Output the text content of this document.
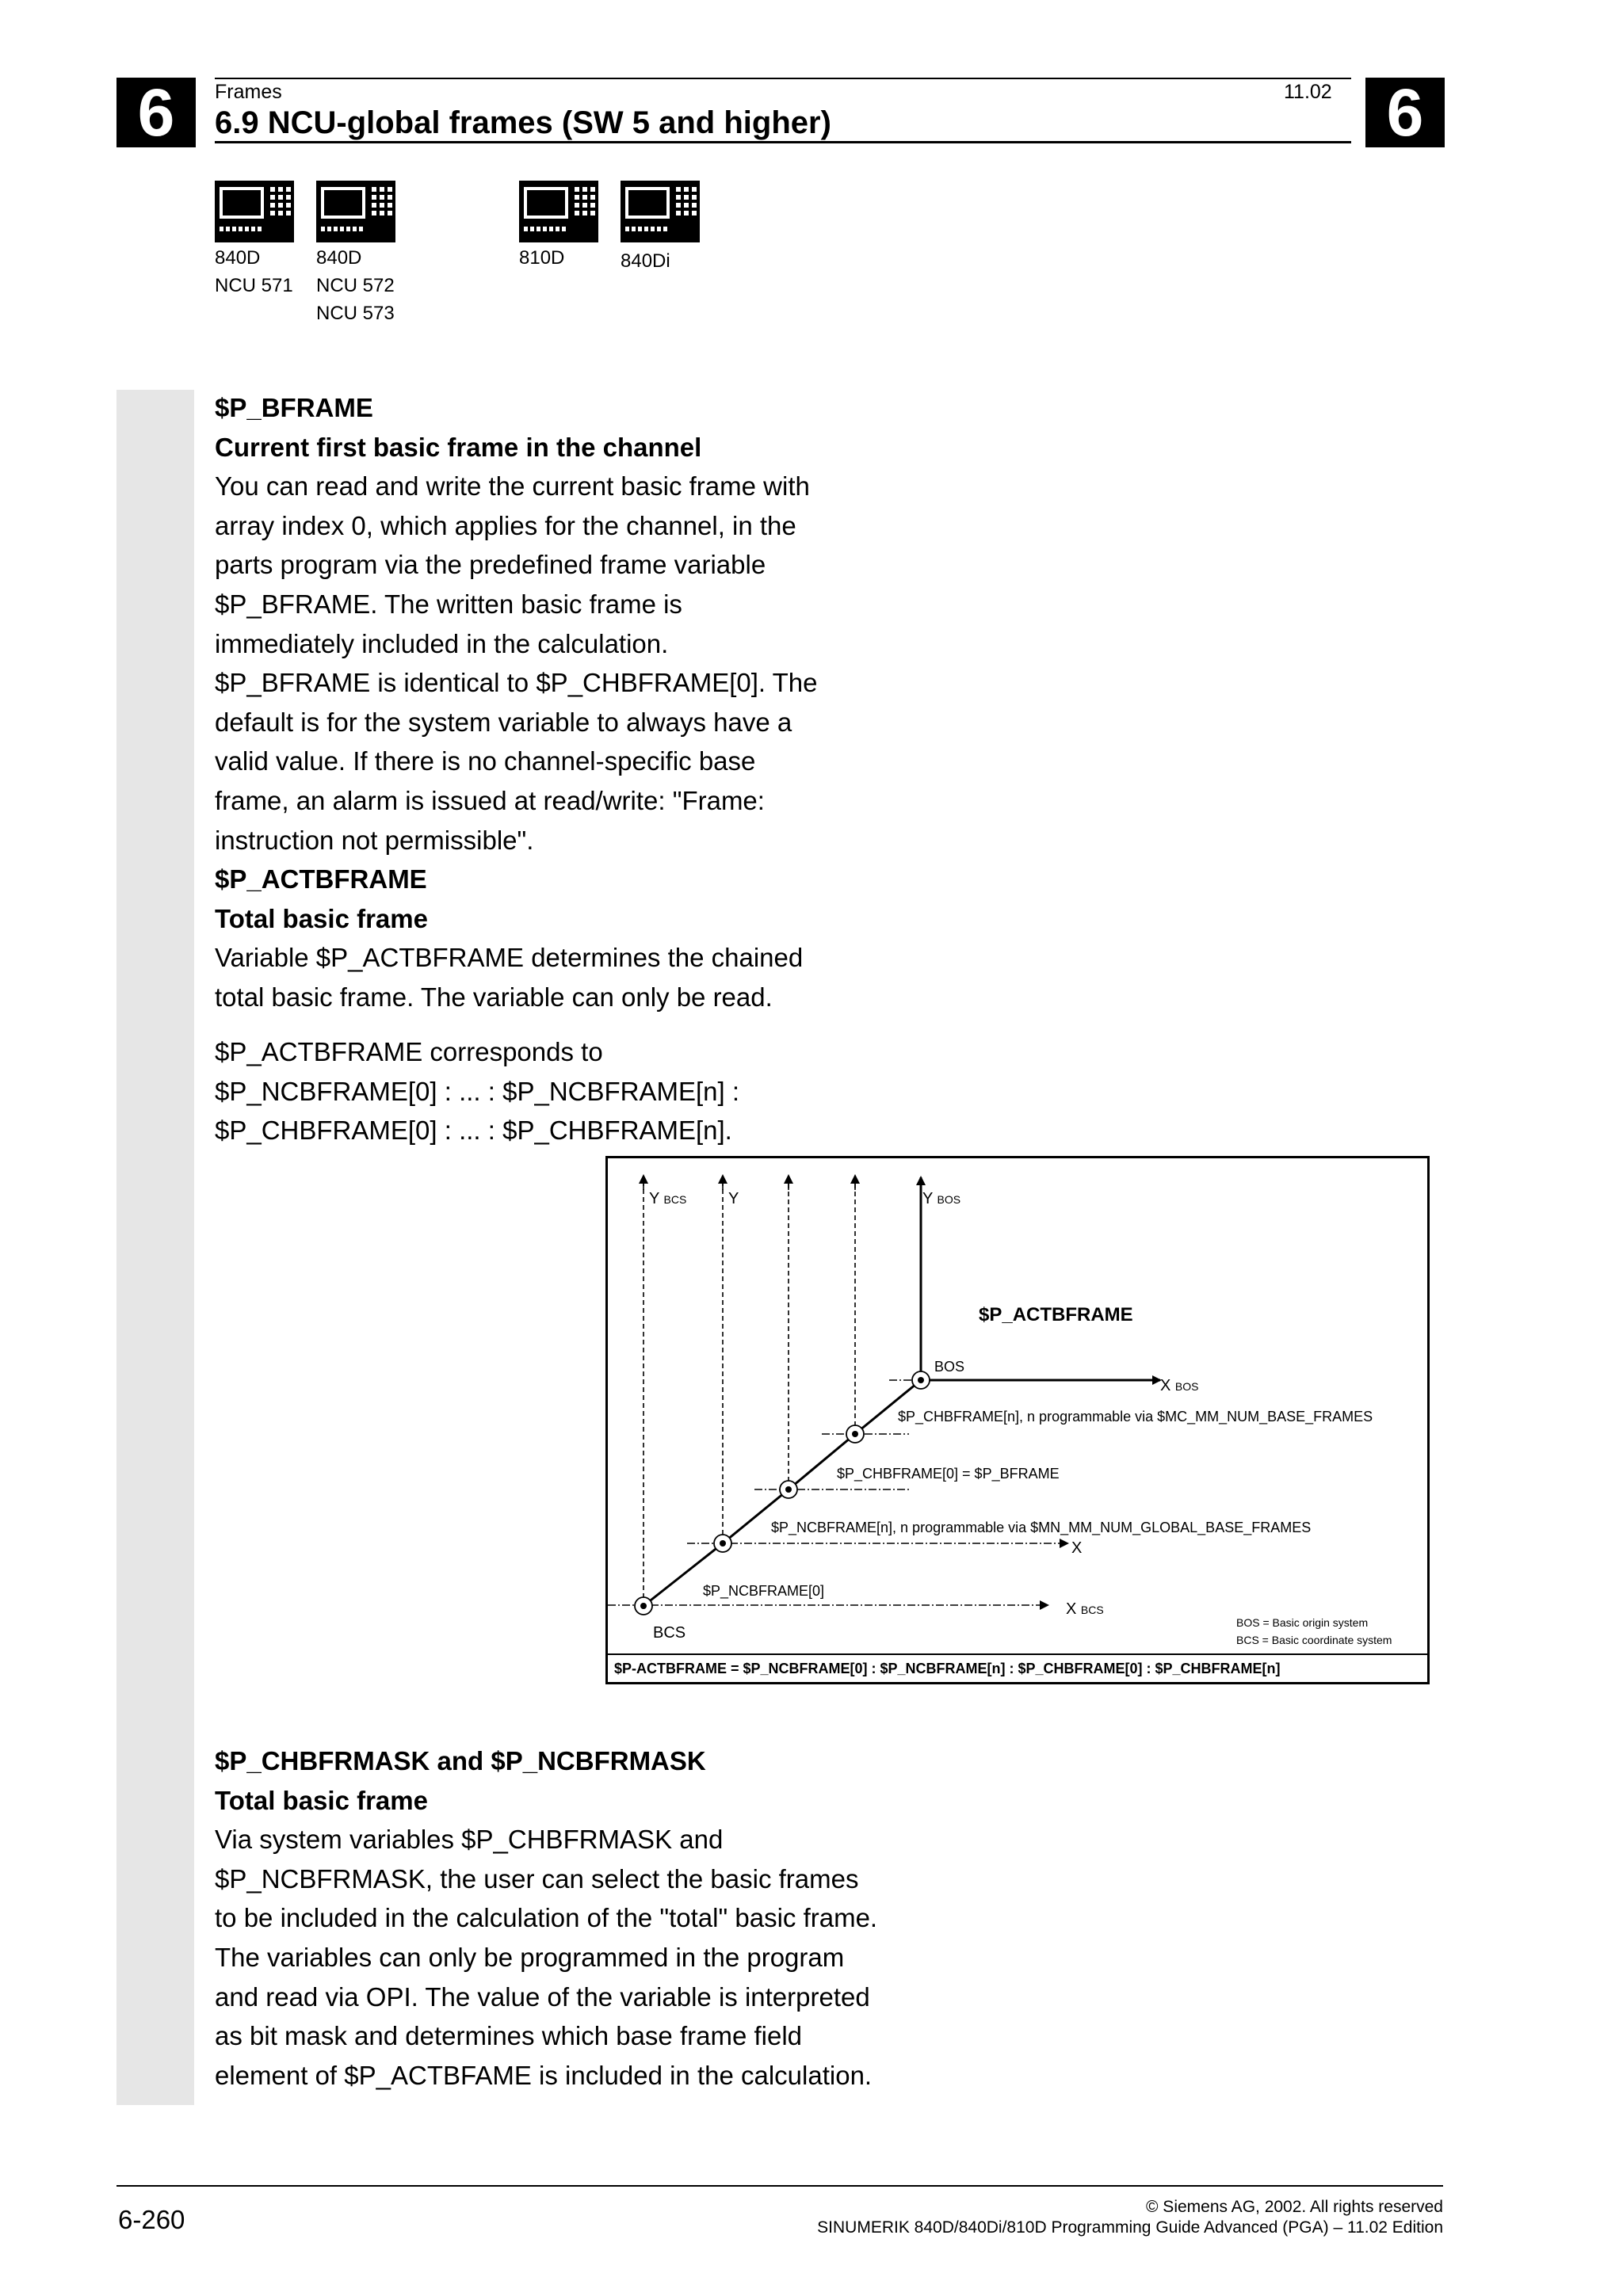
6	6
Frames	11.02
6.9 NCU-global frames (SW 5 and higher)
840D
NCU 571
840D
NCU 572
NCU 573
810D	840Di
$P_BFRAME
Current first basic frame in the channel
You can read and write the current basic frame with
array index 0, which applies for the channel, in the
parts program via the predefined frame variable
$P_BFRAME. The written basic frame is
immediately included in the calculation.
$P_BFRAME is identical to $P_CHBFRAME[0]. The
default is for the system variable to always have a
valid value. If there is no channel-specific base
frame, an alarm is issued at read/write: "Frame:
instruction not permissible".
$P_ACTBFRAME
Total basic frame
Variable $P_ACTBFRAME determines the chained
total basic frame. The variable can only be read.
$P_ACTBFRAME corresponds to
$P_NCBFRAME[0] : ... : $P_NCBFRAME[n] :
$P_CHBFRAME[0] : ... : $P_CHBFRAME[n].
Y BCS	Y	Y BOS
$P_ACTBFRAME
BOS
X BOS
$P_CHBFRAME[n], n programmable via $MC_MM_NUM_BASE_FRAMES
$P_CHBFRAME[0] = $P_BFRAME
$P_NCBFRAME[n], n programmable via $MN_MM_NUM_GLOBAL_BASE_FRAMES
X
$P_NCBFRAME[0]
X BCS
BCS
BOS = Basic origin system
BCS = Basic coordinate system
$P-ACTBFRAME = $P_NCBFRAME[0] : $P_NCBFRAME[n] : $P_CHBFRAME[0] : $P_CHBFRAME[n]
$P_CHBFRMASK and $P_NCBFRMASK
Total basic frame
Via system variables $P_CHBFRMASK and
$P_NCBFRMASK, the user can select the basic frames
to be included in the calculation of the "total" basic frame.
The variables can only be programmed in the program
and read via OPI. The value of the variable is interpreted
as bit mask and determines which base frame field
element of $P_ACTBFAME is included in the calculation.
6-260	© Siemens AG, 2002. All rights reserved
SINUMERIK 840D/840Di/810D Programming Guide Advanced (PGA) – 11.02 Edition
